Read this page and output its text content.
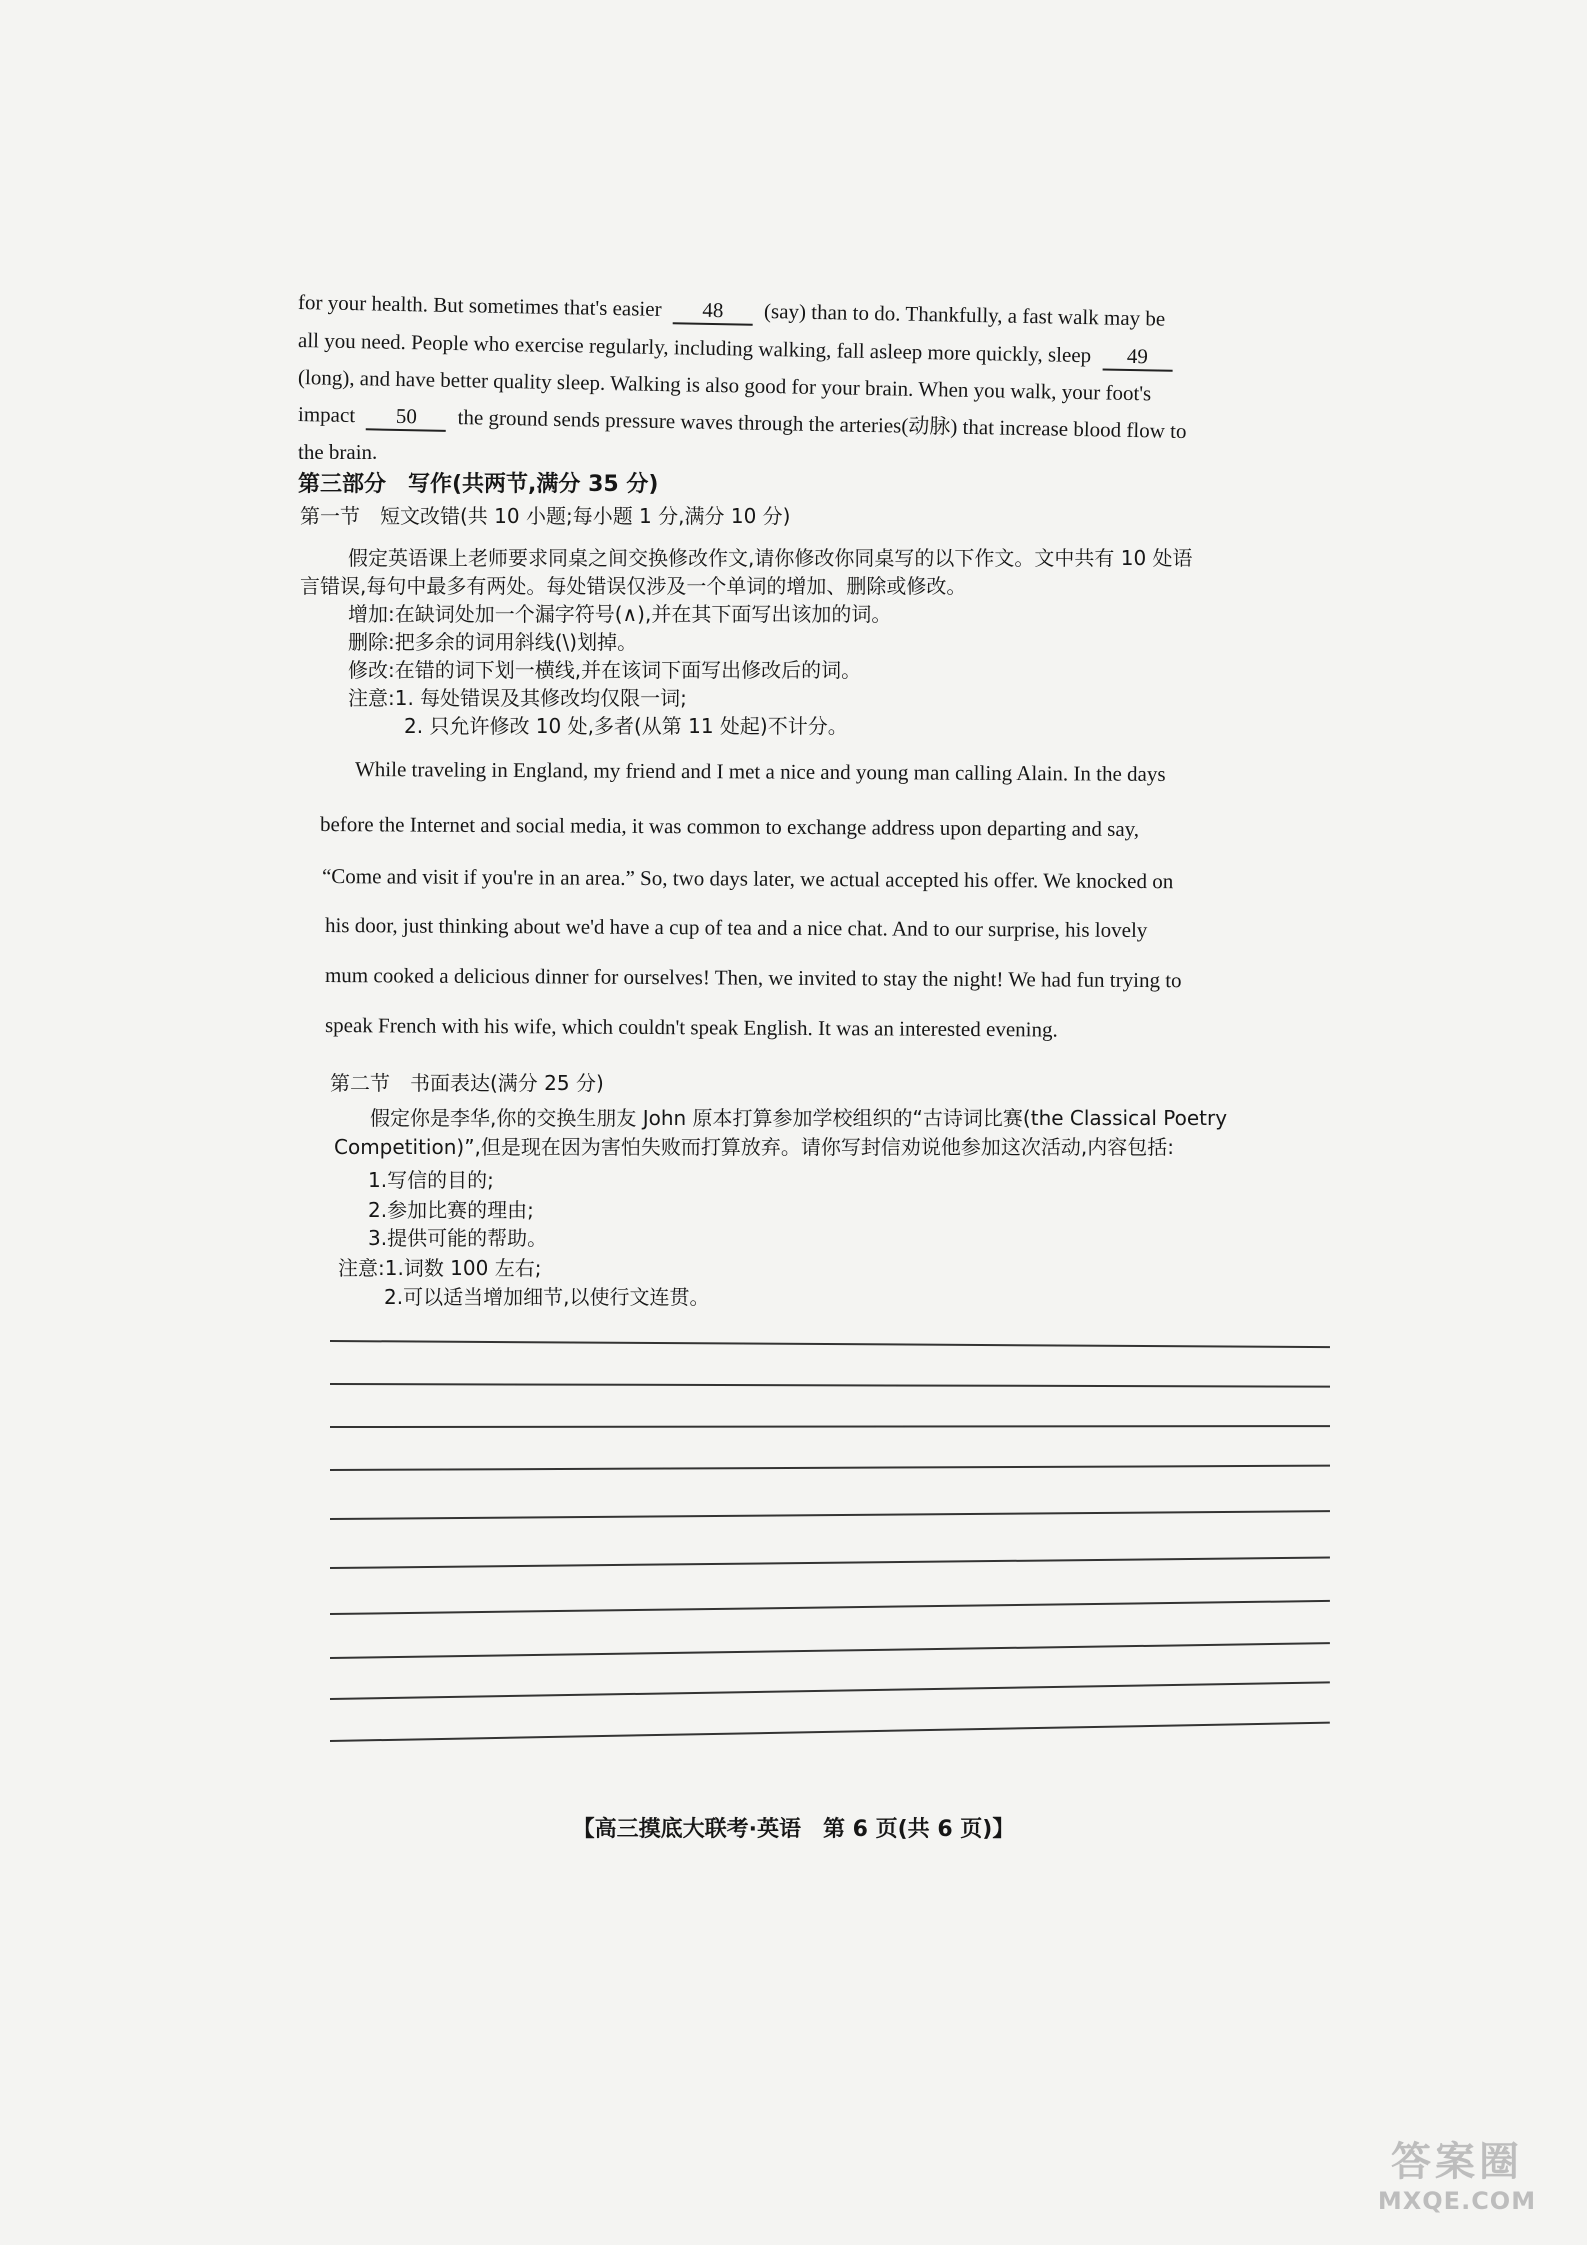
for your health. But sometimes that's easier 48 (say) than to do. Thankfully, a fast walk may be
all you need. People who exercise regularly, including walking, fall asleep more quickly, sleep 49
(long), and have better quality sleep. Walking is also good for your brain. When you walk, your foot's
impact 50 the ground sends pressure waves through the arteries(动脉) that increase blood flow to
the brain.
第三部分　写作(共两节,满分 35 分)
第一节　短文改错(共 10 小题;每小题 1 分,满分 10 分)
假定英语课上老师要求同桌之间交换修改作文,请你修改你同桌写的以下作文。文中共有 10 处语
言错误,每句中最多有两处。每处错误仅涉及一个单词的增加、删除或修改。
增加:在缺词处加一个漏字符号(∧),并在其下面写出该加的词。
删除:把多余的词用斜线(\)划掉。
修改:在错的词下划一横线,并在该词下面写出修改后的词。
注意:1. 每处错误及其修改均仅限一词;
2. 只允许修改 10 处,多者(从第 11 处起)不计分。
While traveling in England, my friend and I met a nice and young man calling Alain. In the days
before the Internet and social media, it was common to exchange address upon departing and say,
“Come and visit if you're in an area.” So, two days later, we actual accepted his offer. We knocked on
his door, just thinking about we'd have a cup of tea and a nice chat. And to our surprise, his lovely
mum cooked a delicious dinner for ourselves! Then, we invited to stay the night! We had fun trying to
speak French with his wife, which couldn't speak English. It was an interested evening.
第二节　书面表达(满分 25 分)
假定你是李华,你的交换生朋友 John 原本打算参加学校组织的“古诗词比赛(the Classical Poetry
Competition)”,但是现在因为害怕失败而打算放弃。请你写封信劝说他参加这次活动,内容包括:
1.写信的目的;
2.参加比赛的理由;
3.提供可能的帮助。
注意:1.词数 100 左右;
2.可以适当增加细节,以使行文连贯。
【高三摸底大联考·英语　第 6 页(共 6 页)】
答案圈
MXQE.COM
